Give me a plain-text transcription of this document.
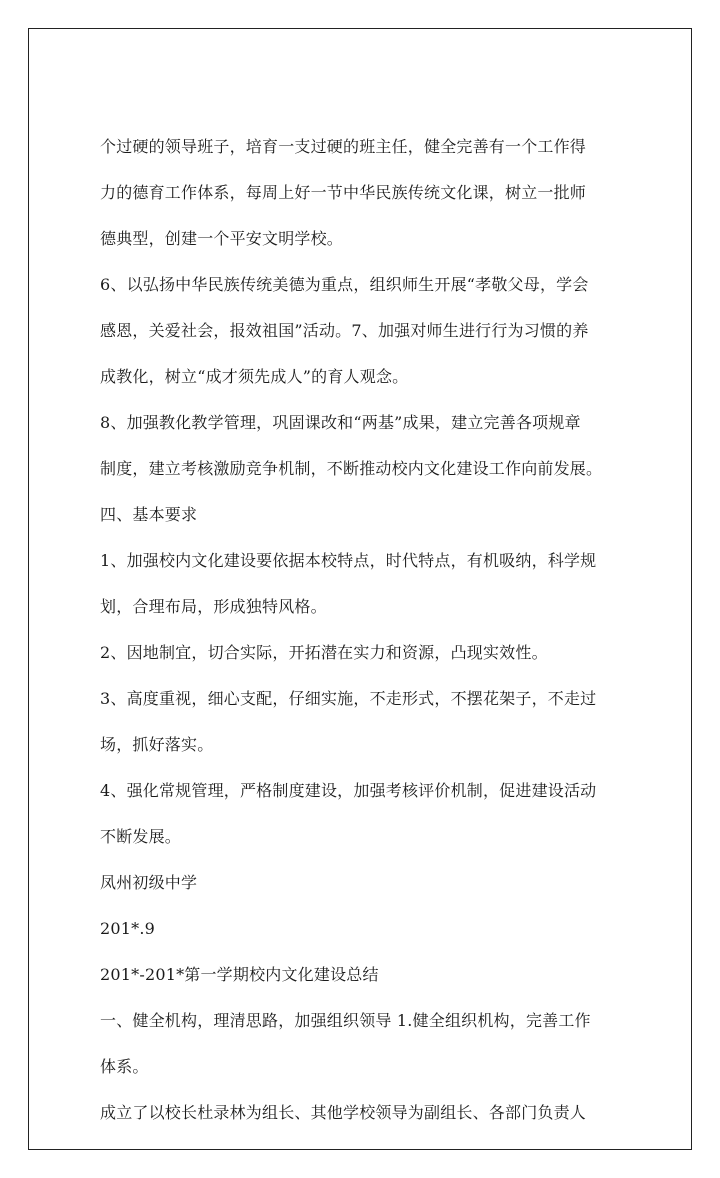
个过硬的领导班子，培育一支过硬的班主任，健全完善有一个工作得
力的德育工作体系，每周上好一节中华民族传统文化课，树立一批师
德典型，创建一个平安文明学校。
6、以弘扬中华民族传统美德为重点，组织师生开展“孝敬父母，学会
感恩，关爱社会，报效祖国”活动。7、加强对师生进行行为习惯的养
成教化，树立“成才须先成人”的育人观念。
8、加强教化教学管理，巩固课改和“两基”成果，建立完善各项规章
制度，建立考核激励竞争机制，不断推动校内文化建设工作向前发展。
四、基本要求
1、加强校内文化建设要依据本校特点，时代特点，有机吸纳，科学规
划，合理布局，形成独特风格。
2、因地制宜，切合实际，开拓潜在实力和资源，凸现实效性。
3、高度重视，细心支配，仔细实施，不走形式，不摆花架子，不走过
场，抓好落实。
4、强化常规管理，严格制度建设，加强考核评价机制，促进建设活动
不断发展。
凤州初级中学
201*.9
201*-201*第一学期校内文化建设总结
一、健全机构，理清思路，加强组织领导 1.健全组织机构，完善工作
体系。
成立了以校长杜录林为组长、其他学校领导为副组长、各部门负责人
